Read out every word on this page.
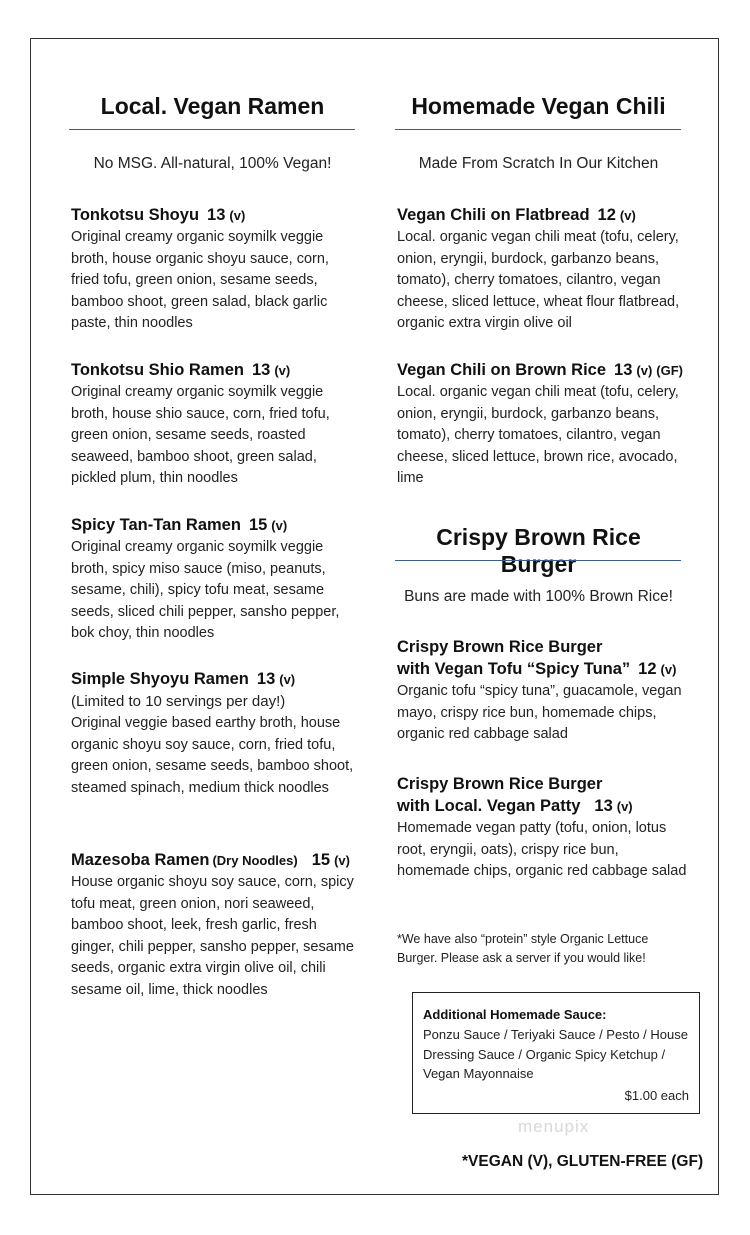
Local. Vegan Ramen
No MSG. All-natural, 100% Vegan!
Tonkotsu Shoyu 13 (v)
Original creamy organic soymilk veggie broth, house organic shoyu sauce, corn, fried tofu, green onion, sesame seeds, bamboo shoot, green salad, black garlic paste, thin noodles
Tonkotsu Shio Ramen 13 (v)
Original creamy organic soymilk veggie broth, house shio sauce, corn, fried tofu, green onion, sesame seeds, roasted seaweed, bamboo shoot, green salad, pickled plum, thin noodles
Spicy Tan-Tan Ramen 15 (v)
Original creamy organic soymilk veggie broth, spicy miso sauce (miso, peanuts, sesame, chili), spicy tofu meat, sesame seeds, sliced chili pepper, sansho pepper, bok choy, thin noodles
Simple Shyoyu Ramen 13 (v)
(Limited to 10 servings per day!)
Original veggie based earthy broth, house organic shoyu soy sauce, corn, fried tofu, green onion, sesame seeds, bamboo shoot, steamed spinach, medium thick noodles
Mazesoba Ramen (Dry Noodles) 15 (v)
House organic shoyu soy sauce, corn, spicy tofu meat, green onion, nori seaweed, bamboo shoot, leek, fresh garlic, fresh ginger, chili pepper, sansho pepper, sesame seeds, organic extra virgin olive oil, chili sesame oil, lime, thick noodles
Homemade Vegan Chili
Made From Scratch In Our Kitchen
Vegan Chili on Flatbread 12 (v)
Local. organic vegan chili meat (tofu, celery, onion, eryngii, burdock, garbanzo beans, tomato), cherry tomatoes, cilantro, vegan cheese, sliced lettuce, wheat flour flatbread, organic extra virgin olive oil
Vegan Chili on Brown Rice 13 (v) (GF)
Local. organic vegan chili meat (tofu, celery, onion, eryngii, burdock, garbanzo beans, tomato), cherry tomatoes, cilantro, vegan cheese, sliced lettuce, brown rice, avocado, lime
Crispy Brown Rice Burger
Buns are made with 100% Brown Rice!
Crispy Brown Rice Burger
with Vegan Tofu “Spicy Tuna” 12 (v)
Organic tofu “spicy tuna”, guacamole, vegan mayo, crispy rice bun, homemade chips, organic red cabbage salad
Crispy Brown Rice Burger
with Local. Vegan Patty 13 (v)
Homemade vegan patty (tofu, onion, lotus root, eryngii, oats), crispy rice bun, homemade chips, organic red cabbage salad
*We have also “protein” style Organic Lettuce Burger. Please ask a server if you would like!
Additional Homemade Sauce:
Ponzu Sauce / Teriyaki Sauce / Pesto / House Dressing Sauce / Organic Spicy Ketchup / Vegan Mayonnaise
$1.00 each
menupix
*VEGAN (V), GLUTEN-FREE (GF)
